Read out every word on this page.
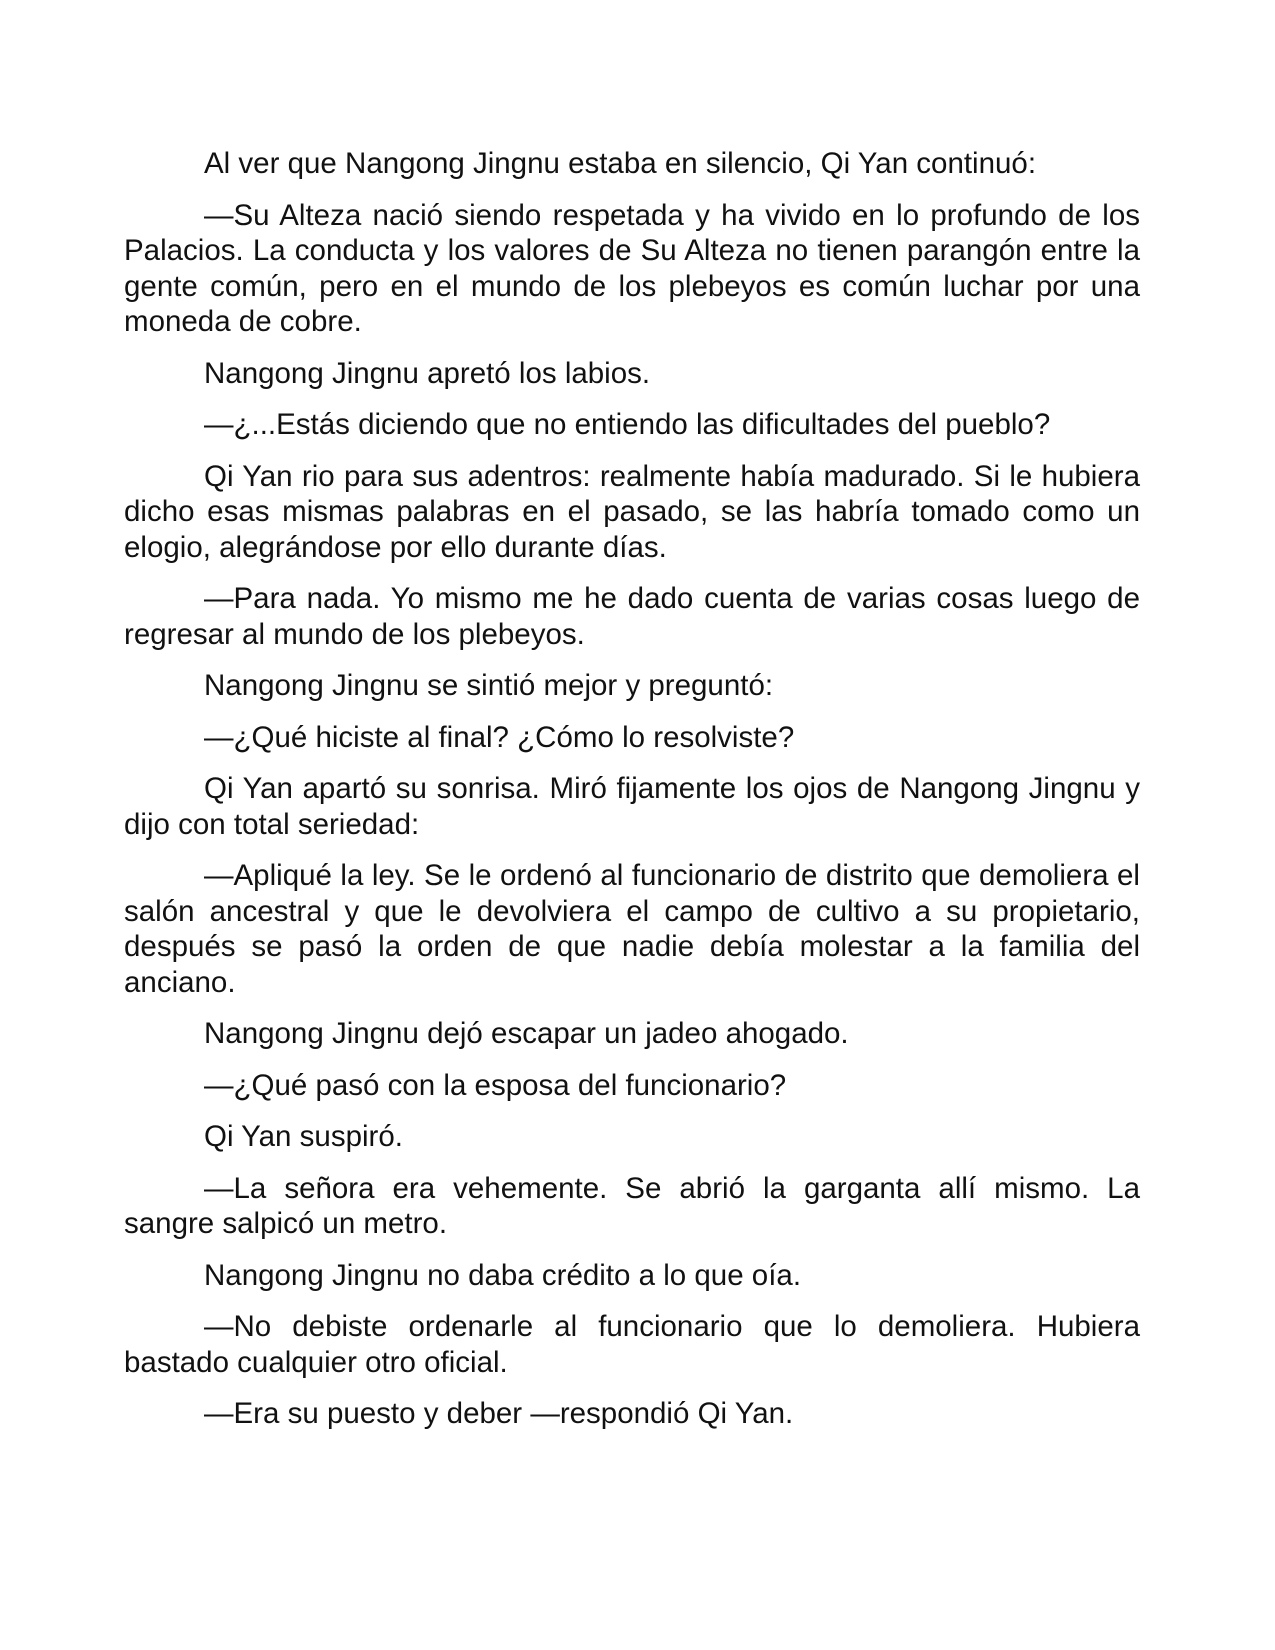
Al ver que Nangong Jingnu estaba en silencio, Qi Yan continuó:

—Su Alteza nació siendo respetada y ha vivido en lo profundo de los Palacios. La conducta y los valores de Su Alteza no tienen parangón entre la gente común, pero en el mundo de los plebeyos es común luchar por una moneda de cobre.

Nangong Jingnu apretó los labios.

—¿...Estás diciendo que no entiendo las dificultades del pueblo?

Qi Yan rio para sus adentros: realmente había madurado. Si le hubiera dicho esas mismas palabras en el pasado, se las habría tomado como un elogio, alegrándose por ello durante días.

—Para nada. Yo mismo me he dado cuenta de varias cosas luego de regresar al mundo de los plebeyos.

Nangong Jingnu se sintió mejor y preguntó:

—¿Qué hiciste al final? ¿Cómo lo resolviste?

Qi Yan apartó su sonrisa. Miró fijamente los ojos de Nangong Jingnu y dijo con total seriedad:

—Apliqué la ley. Se le ordenó al funcionario de distrito que demoliera el salón ancestral y que le devolviera el campo de cultivo a su propietario, después se pasó la orden de que nadie debía molestar a la familia del anciano.

Nangong Jingnu dejó escapar un jadeo ahogado.

—¿Qué pasó con la esposa del funcionario?

Qi Yan suspiró.

—La señora era vehemente. Se abrió la garganta allí mismo. La sangre salpicó un metro.

Nangong Jingnu no daba crédito a lo que oía.

—No debiste ordenarle al funcionario que lo demoliera. Hubiera bastado cualquier otro oficial.

—Era su puesto y deber —respondió Qi Yan.
